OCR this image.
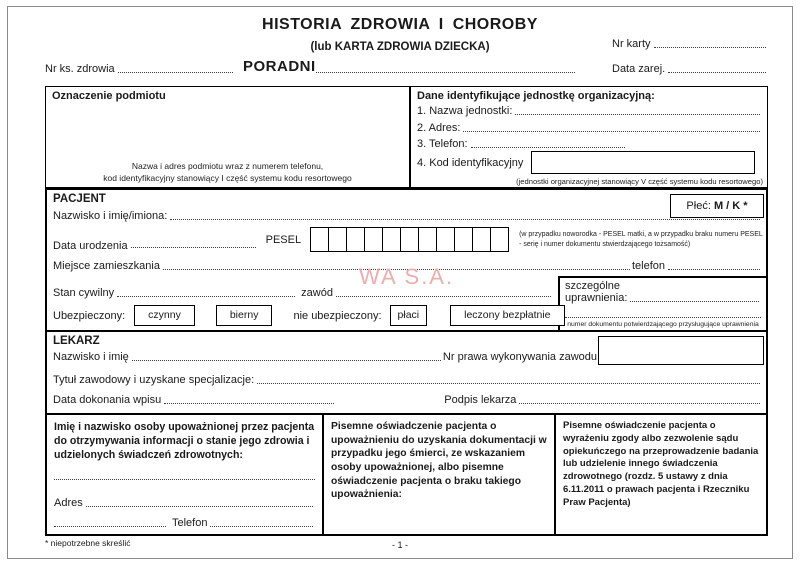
HISTORIA ZDROWIA I CHOROBY
(lub KARTA ZDROWIA DZIECKA)	Nr karty
Nr ks. zdrowia	PORADNI	Data zarej.
Oznaczenie podmiotu
Nazwa i adres podmiotu wraz z numerem telefonu,
kod identyfikacyjny stanowiący I część systemu kodu resortowego
Dane identyfikujące jednostkę organizacyjną:
1. Nazwa jednostki:
2. Adres:
3. Telefon:
4. Kod identyfikacyjny
(jednostki organizacyjnej stanowiący V część systemu kodu resortowego)
PACJENT
Płeć:
M / K *
Nazwisko i imię/imiona:
Data urodzenia
PESEL	(w przypadku noworodka - PESEL matki, a w przypadku braku numeru PESEL - serię i numer dokumentu stwierdzającego tożsamość)
Miejsce zamieszkania	telefon
WA S.A.
Stan cywilny	zawód
szczególne
uprawnienia:
numer dokumentu potwierdzającego przysługujące uprawnienia
Ubezpieczony:	czynny	bierny	nie ubezpieczony:	płaci	leczony bezpłatnie
LEKARZ
Nazwisko i imię	Nr prawa wykonywania zawodu
Tytuł zawodowy i uzyskane specjalizacje:
Data dokonania wpisu	Podpis lekarza
Imię i nazwisko osoby upoważnionej przez pacjenta do otrzymywania informacji o stanie jego zdrowia i udzielonych świadczeń zdrowotnych:
Adres
Telefon
Pisemne oświadczenie pacjenta o upoważnieniu do uzyskania dokumentacji w przypadku jego śmierci, ze wskazaniem osoby upoważnionej, albo pisemne oświadczenie pacjenta o braku takiego upoważnienia:
Pisemne oświadczenie pacjenta o wyrażeniu zgody albo zezwolenie sądu opiekuńczego na przeprowadzenie badania lub udzielenie innego świadczenia zdrowotnego (rozdz. 5 ustawy z dnia 6.11.2011 o prawach pacjenta i Rzeczniku Praw Pacjenta)
* niepotrzebne skreślić	- 1 -
